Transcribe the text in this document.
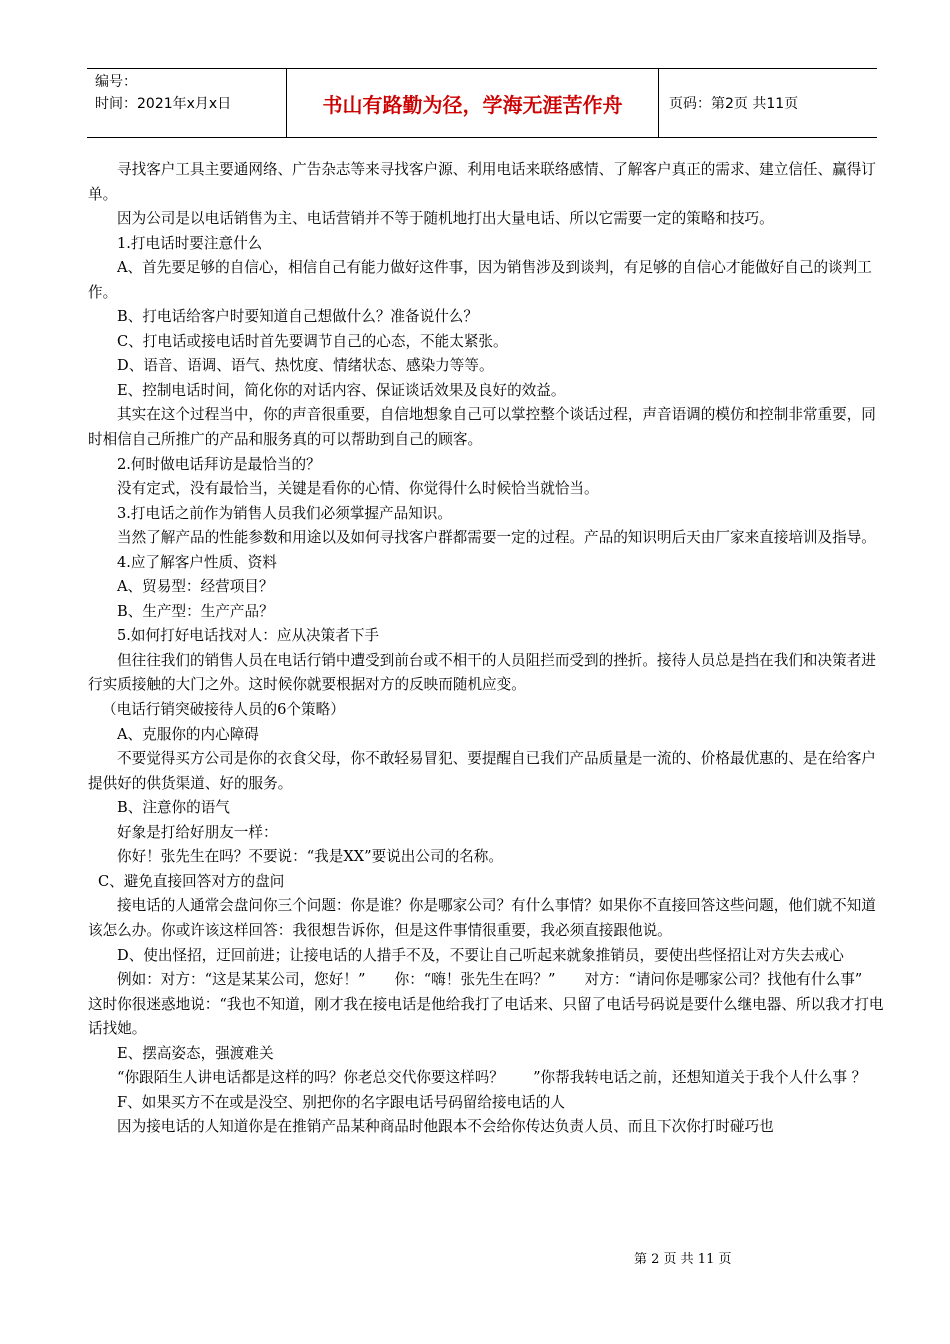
编号：
时间：2021年x月x日	书山有路勤为径，学海无涯苦作舟	页码：第2页 共11页

寻找客户工具主要通网络、广告杂志等来寻找客户源、利用电话来联络感情、了解客户真正的需求、建立信任、赢得订单。

因为公司是以电话销售为主、电话营销并不等于随机地打出大量电话、所以它需要一定的策略和技巧。

1.打电话时要注意什么

A、首先要足够的自信心，相信自己有能力做好这件事，因为销售涉及到谈判，有足够的自信心才能做好自己的谈判工作。

B、打电话给客户时要知道自己想做什么？准备说什么？

C、打电话或接电话时首先要调节自己的心态，不能太紧张。

D、语音、语调、语气、热忱度、情绪状态、感染力等等。

E、控制电话时间，简化你的对话内容、保证谈话效果及良好的效益。

其实在这个过程当中，你的声音很重要，自信地想象自己可以掌控整个谈话过程，声音语调的模仿和控制非常重要，同时相信自己所推广的产品和服务真的可以帮助到自己的顾客。

2.何时做电话拜访是最恰当的？

没有定式，没有最恰当，关键是看你的心情、你觉得什么时候恰当就恰当。

3.打电话之前作为销售人员我们必须掌握产品知识。

当然了解产品的性能参数和用途以及如何寻找客户群都需要一定的过程。产品的知识明后天由厂家来直接培训及指导。

4.应了解客户性质、资料

A、贸易型：经营项目？

B、生产型：生产产品？

5.如何打好电话找对人：应从决策者下手

但往往我们的销售人员在电话行销中遭受到前台或不相干的人员阻拦而受到的挫折。接待人员总是挡在我们和决策者进行实质接触的大门之外。这时候你就要根据对方的反映而随机应变。

（电话行销突破接待人员的6个策略）

A、克服你的内心障碍

不要觉得买方公司是你的衣食父母，你不敢轻易冒犯、要提醒自已我们产品质量是一流的、价格最优惠的、是在给客户提供好的供货渠道、好的服务。

B、注意你的语气

好象是打给好朋友一样：

你好！张先生在吗？不要说：“我是XX”要说出公司的名称。

C、避免直接回答对方的盘问

接电话的人通常会盘问你三个问题：你是谁？你是哪家公司？有什么事情？如果你不直接回答这些问题，他们就不知道该怎么办。你或许该这样回答：我很想告诉你，但是这件事情很重要，我必须直接跟他说。

D、使出怪招，迂回前进；让接电话的人措手不及，不要让自己听起来就象推销员，要使出些怪招让对方失去戒心

例如：对方：“这是某某公司，您好！”　　你：“嗨！张先生在吗？”　　对方：“请问你是哪家公司？找他有什么事”　　这时你很迷惑地说：“我也不知道，刚才我在接电话是他给我打了电话来、只留了电话号码说是要什么继电器、所以我才打电话找她。

E、摆高姿态，强渡难关

“你跟陌生人讲电话都是这样的吗？你老总交代你要这样吗？　　”你帮我转电话之前，还想知道关于我个人什么事 ？

F、如果买方不在或是没空、别把你的名字跟电话号码留给接电话的人

因为接电话的人知道你是在推销产品某种商品时他跟本不会给你传达负责人员、而且下次你打时碰巧也

第 2 页 共 11 页
